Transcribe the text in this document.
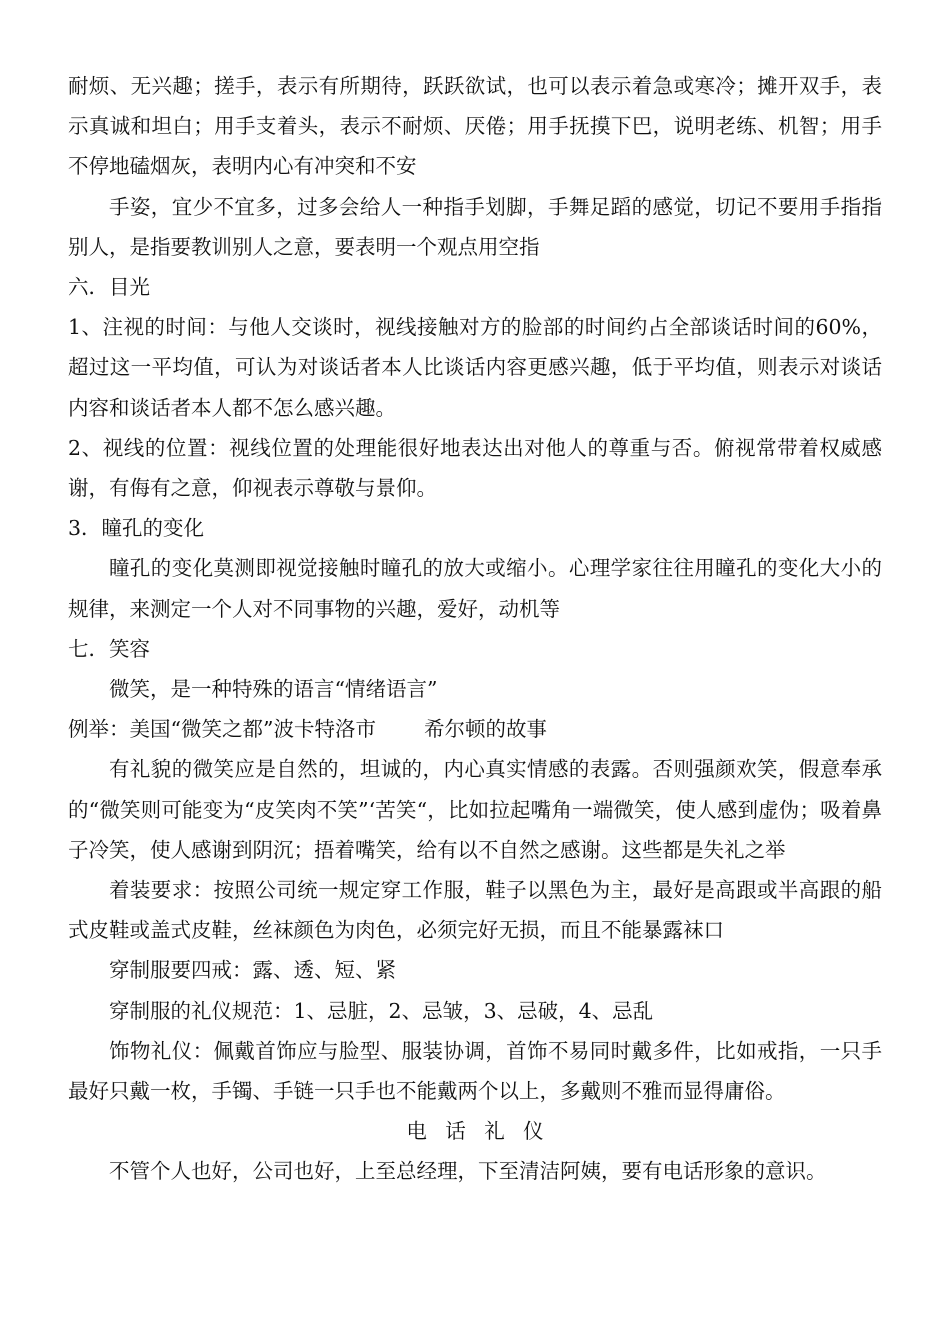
耐烦、无兴趣；搓手，表示有所期待，跃跃欲试，也可以表示着急或寒冷；摊开双手，表示真诚和坦白；用手支着头，表示不耐烦、厌倦；用手抚摸下巴，说明老练、机智；用手不停地磕烟灰，表明内心有冲突和不安

手姿，宜少不宜多，过多会给人一种指手划脚，手舞足蹈的感觉，切记不要用手指指别人，是指要教训别人之意，要表明一个观点用空指

六．目光

1、注视的时间：与他人交谈时，视线接触对方的脸部的时间约占全部谈话时间的60%，超过这一平均值，可认为对谈话者本人比谈话内容更感兴趣，低于平均值，则表示对谈话内容和谈话者本人都不怎么感兴趣。

2、视线的位置：视线位置的处理能很好地表达出对他人的尊重与否。俯视常带着权威感谢，有侮有之意，仰视表示尊敬与景仰。

3．瞳孔的变化

瞳孔的变化莫测即视觉接触时瞳孔的放大或缩小。心理学家往往用瞳孔的变化大小的规律，来测定一个人对不同事物的兴趣，爱好，动机等

七．笑容

微笑，是一种特殊的语言“情绪语言”

例举：美国“微笑之都”波卡特洛市 希尔顿的故事

有礼貌的微笑应是自然的，坦诚的，内心真实情感的表露。否则强颜欢笑，假意奉承的“微笑则可能变为“皮笑肉不笑”‘苦笑“，比如拉起嘴角一端微笑，使人感到虚伪；吸着鼻子冷笑，使人感谢到阴沉；捂着嘴笑，给有以不自然之感谢。这些都是失礼之举

着装要求：按照公司统一规定穿工作服，鞋子以黑色为主，最好是高跟或半高跟的船式皮鞋或盖式皮鞋，丝袜颜色为肉色，必须完好无损，而且不能暴露袜口

穿制服要四戒：露、透、短、紧

穿制服的礼仪规范：1、忌脏，2、忌皱，3、忌破，4、忌乱

饰物礼仪：佩戴首饰应与脸型、服装协调，首饰不易同时戴多件，比如戒指，一只手最好只戴一枚，手镯、手链一只手也不能戴两个以上，多戴则不雅而显得庸俗。

电话礼仪

不管个人也好，公司也好，上至总经理，下至清洁阿姨，要有电话形象的意识。
